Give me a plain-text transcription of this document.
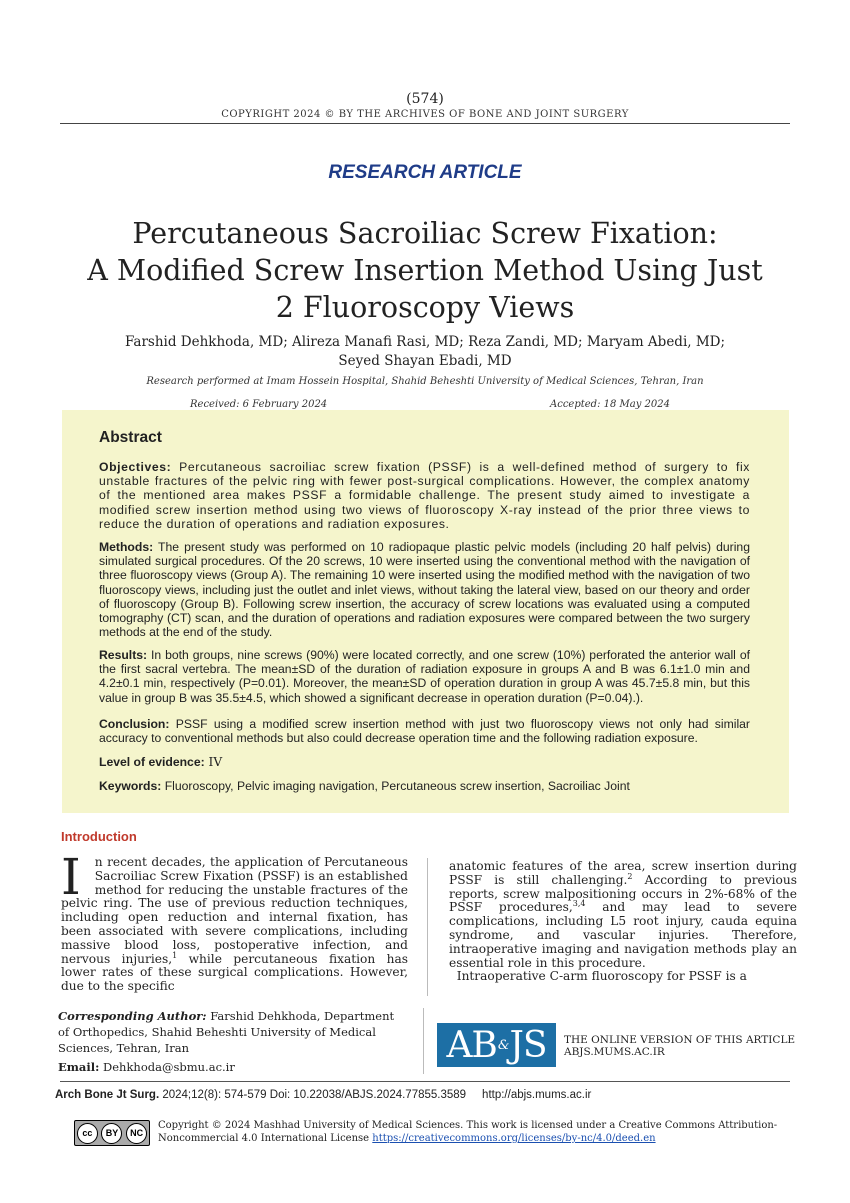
(574)
COPYRIGHT 2024 © BY THE ARCHIVES OF BONE AND JOINT SURGERY
RESEARCH ARTICLE
Percutaneous Sacroiliac Screw Fixation:
A Modified Screw Insertion Method Using Just
2 Fluoroscopy Views
Farshid Dehkhoda, MD; Alireza Manafi Rasi, MD; Reza Zandi, MD; Maryam Abedi, MD;
Seyed Shayan Ebadi, MD
Research performed at Imam Hossein Hospital, Shahid Beheshti University of Medical Sciences, Tehran, Iran
Received: 6 February 2024	Accepted: 18 May 2024
Abstract
Objectives: Percutaneous sacroiliac screw fixation (PSSF) is a well-defined method of surgery to fix unstable fractures of the pelvic ring with fewer post-surgical complications. However, the complex anatomy of the mentioned area makes PSSF a formidable challenge. The present study aimed to investigate a modified screw insertion method using two views of fluoroscopy X-ray instead of the prior three views to reduce the duration of operations and radiation exposures.
Methods: The present study was performed on 10 radiopaque plastic pelvic models (including 20 half pelvis) during simulated surgical procedures. Of the 20 screws, 10 were inserted using the conventional method with the navigation of three fluoroscopy views (Group A). The remaining 10 were inserted using the modified method with the navigation of two fluoroscopy views, including just the outlet and inlet views, without taking the lateral view, based on our theory and order of fluoroscopy (Group B). Following screw insertion, the accuracy of screw locations was evaluated using a computed tomography (CT) scan, and the duration of operations and radiation exposures were compared between the two surgery methods at the end of the study.
Results: In both groups, nine screws (90%) were located correctly, and one screw (10%) perforated the anterior wall of the first sacral vertebra. The mean±SD of the duration of radiation exposure in groups A and B was 6.1±1.0 min and 4.2±0.1 min, respectively (P=0.01). Moreover, the mean±SD of operation duration in group A was 45.7±5.8 min, but this value in group B was 35.5±4.5, which showed a significant decrease in operation duration (P=0.04).).
Conclusion: PSSF using a modified screw insertion method with just two fluoroscopy views not only had similar accuracy to conventional methods but also could decrease operation time and the following radiation exposure.
Level of evidence: IV
Keywords: Fluoroscopy, Pelvic imaging navigation, Percutaneous screw insertion, Sacroiliac Joint
Introduction
I n recent decades, the application of Percutaneous Sacroiliac Screw Fixation (PSSF) is an established method for reducing the unstable fractures of the pelvic ring. The use of previous reduction techniques, including open reduction and internal fixation, has been associated with severe complications, including massive blood loss, postoperative infection, and nervous injuries,$^1$ while percutaneous fixation has lower rates of these surgical complications. However, due to the specific
anatomic features of the area, screw insertion during PSSF is still challenging.$^2$ According to previous reports, screw malpositioning occurs in 2%-68% of the PSSF procedures,$^{3,4}$ and may lead to severe complications, including L5 root injury, cauda equina syndrome, and vascular injuries. Therefore, intraoperative imaging and navigation methods play an essential role in this procedure.
Intraoperative C-arm fluoroscopy for PSSF is a
Corresponding Author: Farshid Dehkhoda, Department of Orthopedics, Shahid Beheshti University of Medical Sciences, Tehran, Iran
Email: Dehkhoda@sbmu.ac.ir
AB & JS THE ONLINE VERSION OF THIS ARTICLE
ABJS.MUMS.AC.IR
Arch Bone Jt Surg. 2024;12(8): 574-579 Doi: 10.22038/ABJS.2024.77855.3589 http://abjs.mums.ac.ir
cc	BY	NC
Copyright © 2024 Mashhad University of Medical Sciences. This work is licensed under a Creative Commons Attribution-Noncommercial 4.0 International License https://creativecommons.org/licenses/by-nc/4.0/deed.en
